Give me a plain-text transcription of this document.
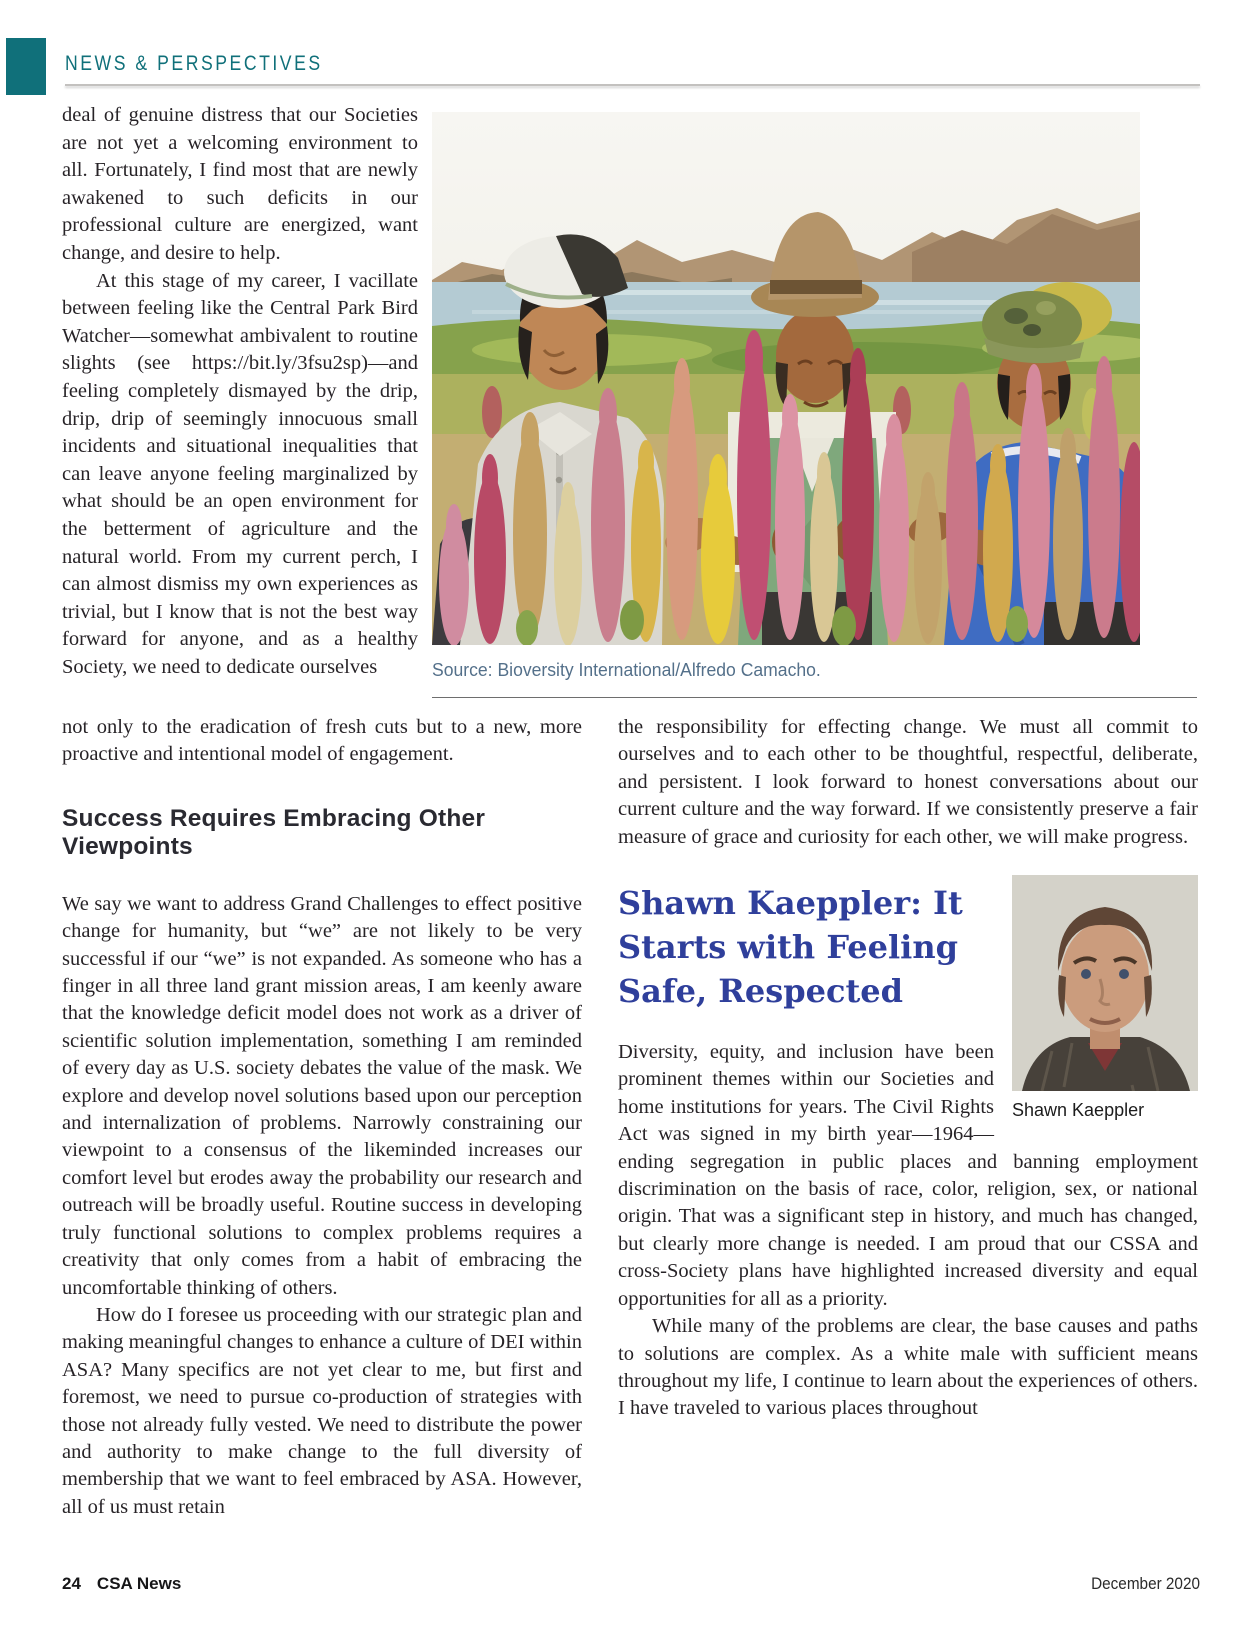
NEWS & PERSPECTIVES

deal of genuine distress that our Societies are not yet a welcoming environment to all. Fortunately, I find most that are newly awakened to such deficits in our professional culture are energized, want change, and desire to help.

At this stage of my career, I vacillate between feeling like the Central Park Bird Watcher—somewhat ambivalent to routine slights (see https://bit.ly/3fsu2sp)—and feeling completely dismayed by the drip, drip, drip of seemingly innocuous small incidents and situational inequalities that can leave anyone feeling marginalized by what should be an open environment for the betterment of agriculture and the natural world. From my current perch, I can almost dismiss my own experiences as trivial, but I know that is not the best way forward for anyone, and as a healthy Society, we need to dedicate ourselves	Source: Bioversity International/Alfredo Camacho.

not only to the eradication of fresh cuts but to a new, more proactive and intentional model of engagement.

Success Requires Embracing Other Viewpoints

We say we want to address Grand Challenges to effect positive change for humanity, but “we” are not likely to be very successful if our “we” is not expanded. As someone who has a finger in all three land grant mission areas, I am keenly aware that the knowledge deficit model does not work as a driver of scientific solution implementation, something I am reminded of every day as U.S. society debates the value of the mask. We explore and develop novel solutions based upon our perception and internalization of problems. Narrowly constraining our viewpoint to a consensus of the likeminded increases our comfort level but erodes away the probability our research and outreach will be broadly useful. Routine success in developing truly functional solutions to complex problems requires a creativity that only comes from a habit of embracing the uncomfortable thinking of others.

How do I foresee us proceeding with our strategic plan and making meaningful changes to enhance a culture of DEI within ASA? Many specifics are not yet clear to me, but first and foremost, we need to pursue co-production of strategies with those not already fully vested. We need to distribute the power and authority to make change to the full diversity of membership that we want to feel embraced by ASA. However, all of us must retain

the responsibility for effecting change. We must all commit to ourselves and to each other to be thoughtful, respectful, deliberate, and persistent. I look forward to honest conversations about our current culture and the way forward. If we consistently preserve a fair measure of grace and curiosity for each other, we will make progress.

Shawn Kaeppler
Shawn Kaeppler: It Starts with Feeling Safe, Respected

Diversity, equity, and inclusion have been prominent themes within our Societies and home institutions for years. The Civil Rights Act was signed in my birth year—1964—ending segregation in public places and banning employment discrimination on the basis of race, color, religion, sex, or national origin. That was a significant step in history, and much has changed, but clearly more change is needed. I am proud that our CSSA and cross-Society plans have highlighted increased diversity and equal opportunities for all as a priority.

While many of the problems are clear, the base causes and paths to solutions are complex. As a white male with sufficient means throughout my life, I continue to learn about the experiences of others. I have traveled to various places throughout

24 CSA News	December 2020
